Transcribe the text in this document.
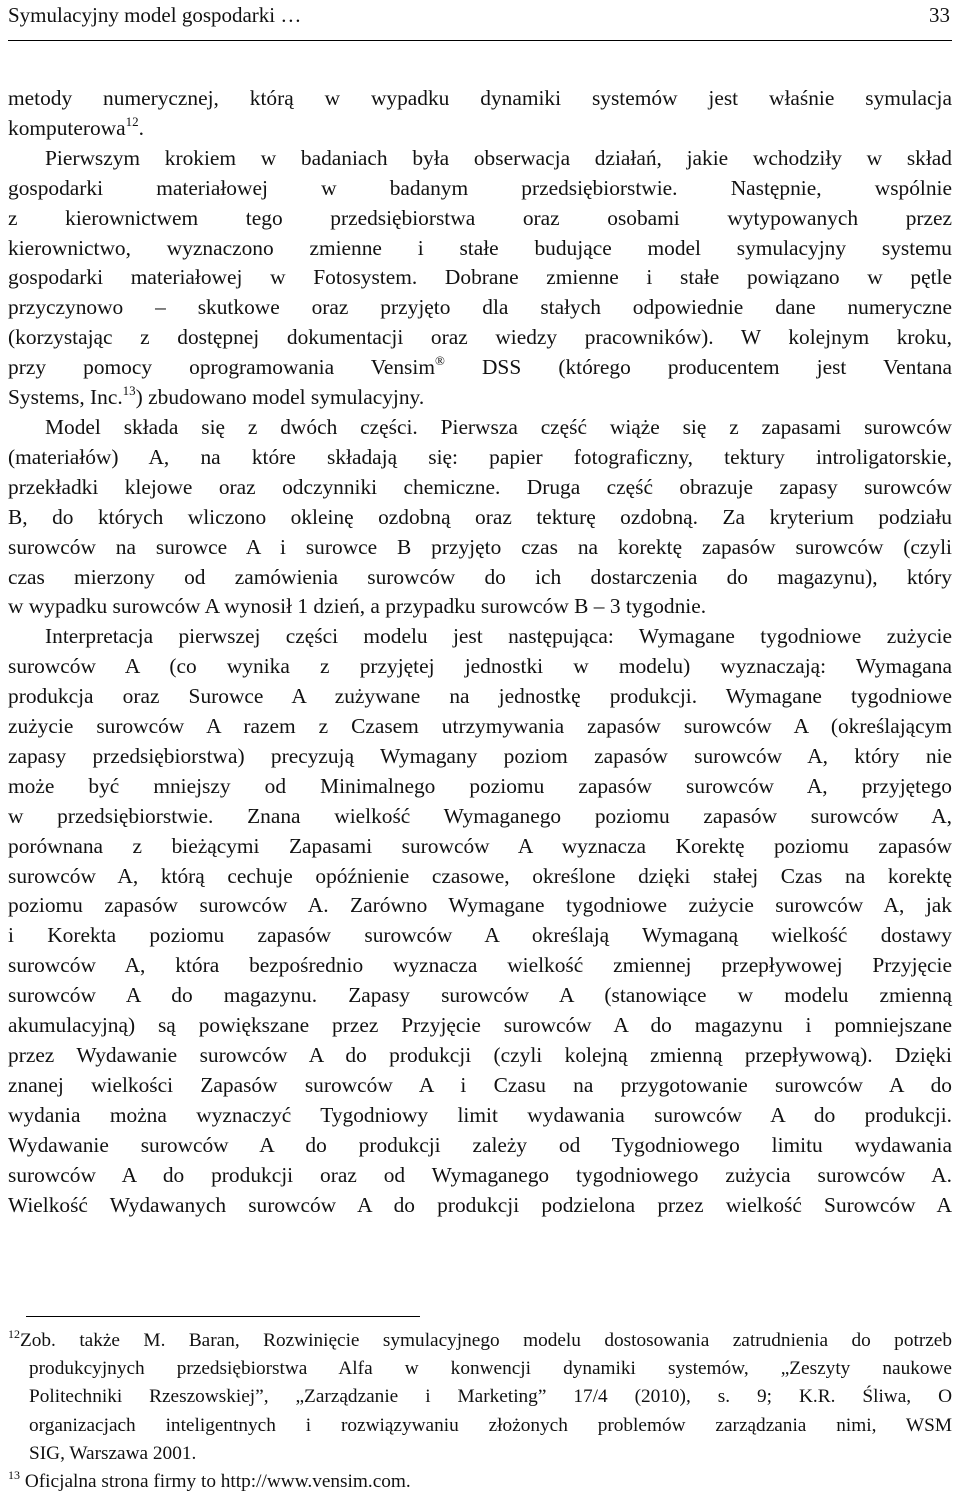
Symulacyjny model gospodarki …	33
metody numerycznej, którą w wypadku dynamiki systemów jest właśnie symulacja
komputerowa$^{12}$.
Pierwszym krokiem w badaniach była obserwacja działań, jakie wchodziły w skład
gospodarki materiałowej w badanym przedsiębiorstwie. Następnie, wspólnie
z kierownictwem tego przedsiębiorstwa oraz osobami wytypowanych przez
kierownictwo, wyznaczono zmienne i stałe budujące model symulacyjny systemu
gospodarki materiałowej w Fotosystem. Dobrane zmienne i stałe powiązano w pętle
przyczynowo – skutkowe oraz przyjęto dla stałych odpowiednie dane numeryczne
(korzystając z dostępnej dokumentacji oraz wiedzy pracowników). W kolejnym kroku,
przy pomocy oprogramowania Vensim® DSS (którego producentem jest Ventana
Systems, Inc.$^{13}$) zbudowano model symulacyjny.
Model składa się z dwóch części. Pierwsza część wiąże się z zapasami surowców
(materiałów) A, na które składają się: papier fotograficzny, tektury introligatorskie,
przekładki klejowe oraz odczynniki chemiczne. Druga część obrazuje zapasy surowców
B, do których wliczono okleinę ozdobną oraz tekturę ozdobną. Za kryterium podziału
surowców na surowce A i surowce B przyjęto czas na korektę zapasów surowców (czyli
czas mierzony od zamówienia surowców do ich dostarczenia do magazynu), który
w wypadku surowców A wynosił 1 dzień, a przypadku surowców B – 3 tygodnie.
Interpretacja pierwszej części modelu jest następująca: Wymagane tygodniowe zużycie
surowców A (co wynika z przyjętej jednostki w modelu) wyznaczają: Wymagana
produkcja oraz Surowce A zużywane na jednostkę produkcji. Wymagane tygodniowe
zużycie surowców A razem z Czasem utrzymywania zapasów surowców A (określającym
zapasy przedsiębiorstwa) precyzują Wymagany poziom zapasów surowców A, który nie
może być mniejszy od Minimalnego poziomu zapasów surowców A, przyjętego
w przedsiębiorstwie. Znana wielkość Wymaganego poziomu zapasów surowców A,
porównana z bieżącymi Zapasami surowców A wyznacza Korektę poziomu zapasów
surowców A, którą cechuje opóźnienie czasowe, określone dzięki stałej Czas na korektę
poziomu zapasów surowców A. Zarówno Wymagane tygodniowe zużycie surowców A, jak
i Korekta poziomu zapasów surowców A określają Wymaganą wielkość dostawy
surowców A, która bezpośrednio wyznacza wielkość zmiennej przepływowej Przyjęcie
surowców A do magazynu. Zapasy surowców A (stanowiące w modelu zmienną
akumulacyjną) są powiększane przez Przyjęcie surowców A do magazynu i pomniejszane
przez Wydawanie surowców A do produkcji (czyli kolejną zmienną przepływową). Dzięki
znanej wielkości Zapasów surowców A i Czasu na przygotowanie surowców A do
wydania można wyznaczyć Tygodniowy limit wydawania surowców A do produkcji.
Wydawanie surowców A do produkcji zależy od Tygodniowego limitu wydawania
surowców A do produkcji oraz od Wymaganego tygodniowego zużycia surowców A.
Wielkość Wydawanych surowców A do produkcji podzielona przez wielkość Surowców A
$^{12}$Zob. także M. Baran, Rozwinięcie symulacyjnego modelu dostosowania zatrudnienia do potrzeb
produkcyjnych przedsiębiorstwa Alfa w konwencji dynamiki systemów, „Zeszyty naukowe
Politechniki Rzeszowskiej”, „Zarządzanie i Marketing” 17/4 (2010), s. 9; K.R. Śliwa, O
organizacjach inteligentnych i rozwiązywaniu złożonych problemów zarządzania nimi, WSM
SIG, Warszawa 2001.
$^{13}$ Oficjalna strona firmy to http://www.vensim.com.
